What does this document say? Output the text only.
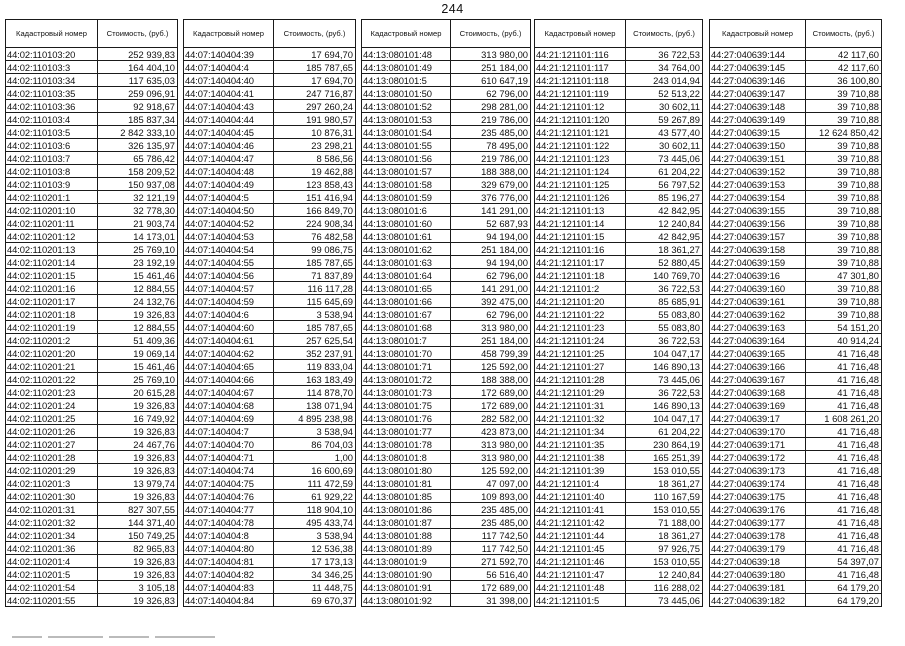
244
Кадастровый номер	Стоимость, (руб.)
44:02:110103:20	252 939,83
44:02:110103:3	164 404,10
44:02:110103:34	117 635,03
44:02:110103:35	259 096,91
44:02:110103:36	92 918,67
44:02:110103:4	185 837,34
44:02:110103:5	2 842 333,10
44:02:110103:6	326 135,97
44:02:110103:7	65 786,42
44:02:110103:8	158 209,52
44:02:110103:9	150 937,08
44:02:110201:1	32 121,19
44:02:110201:10	32 778,30
44:02:110201:11	21 903,74
44:02:110201:12	14 173,01
44:02:110201:13	25 769,10
44:02:110201:14	23 192,19
44:02:110201:15	15 461,46
44:02:110201:16	12 884,55
44:02:110201:17	24 132,76
44:02:110201:18	19 326,83
44:02:110201:19	12 884,55
44:02:110201:2	51 409,36
44:02:110201:20	19 069,14
44:02:110201:21	15 461,46
44:02:110201:22	25 769,10
44:02:110201:23	20 615,28
44:02:110201:24	19 326,83
44:02:110201:25	16 749,92
44:02:110201:26	19 326,83
44:02:110201:27	24 467,76
44:02:110201:28	19 326,83
44:02:110201:29	19 326,83
44:02:110201:3	13 979,74
44:02:110201:30	19 326,83
44:02:110201:31	827 307,55
44:02:110201:32	144 371,40
44:02:110201:34	150 749,25
44:02:110201:36	82 965,83
44:02:110201:4	19 326,83
44:02:110201:5	19 326,83
44:02:110201:54	3 105,18
44:02:110201:55	19 326,83
Кадастровый номер	Стоимость, (руб.)
44:07:140404:39	17 694,70
44:07:140404:4	185 787,65
44:07:140404:40	17 694,70
44:07:140404:41	247 716,87
44:07:140404:43	297 260,24
44:07:140404:44	191 980,57
44:07:140404:45	10 876,31
44:07:140404:46	23 298,21
44:07:140404:47	8 586,56
44:07:140404:48	19 462,88
44:07:140404:49	123 858,43
44:07:140404:5	151 416,94
44:07:140404:50	166 849,70
44:07:140404:52	224 908,34
44:07:140404:53	76 482,58
44:07:140404:54	99 086,75
44:07:140404:55	185 787,65
44:07:140404:56	71 837,89
44:07:140404:57	116 117,28
44:07:140404:59	115 645,69
44:07:140404:6	3 538,94
44:07:140404:60	185 787,65
44:07:140404:61	257 625,54
44:07:140404:62	352 237,91
44:07:140404:65	119 833,04
44:07:140404:66	163 183,49
44:07:140404:67	114 878,70
44:07:140404:68	138 071,94
44:07:140404:69	4 895 238,98
44:07:140404:7	3 538,94
44:07:140404:70	86 704,03
44:07:140404:71	1,00
44:07:140404:74	16 600,69
44:07:140404:75	111 472,59
44:07:140404:76	61 929,22
44:07:140404:77	118 904,10
44:07:140404:78	495 433,74
44:07:140404:8	3 538,94
44:07:140404:80	12 536,38
44:07:140404:81	17 173,13
44:07:140404:82	34 346,25
44:07:140404:83	11 448,75
44:07:140404:84	69 670,37
Кадастровый номер	Стоимость, (руб.)
44:13:080101:48	313 980,00
44:13:080101:49	251 184,00
44:13:080101:5	610 647,19
44:13:080101:50	62 796,00
44:13:080101:52	298 281,00
44:13:080101:53	219 786,00
44:13:080101:54	235 485,00
44:13:080101:55	78 495,00
44:13:080101:56	219 786,00
44:13:080101:57	188 388,00
44:13:080101:58	329 679,00
44:13:080101:59	376 776,00
44:13:080101:6	141 291,00
44:13:080101:60	52 687,93
44:13:080101:61	94 194,00
44:13:080101:62	251 184,00
44:13:080101:63	94 194,00
44:13:080101:64	62 796,00
44:13:080101:65	141 291,00
44:13:080101:66	392 475,00
44:13:080101:67	62 796,00
44:13:080101:68	313 980,00
44:13:080101:7	251 184,00
44:13:080101:70	458 799,39
44:13:080101:71	125 592,00
44:13:080101:72	188 388,00
44:13:080101:73	172 689,00
44:13:080101:75	172 689,00
44:13:080101:76	282 582,00
44:13:080101:77	423 873,00
44:13:080101:78	313 980,00
44:13:080101:8	313 980,00
44:13:080101:80	125 592,00
44:13:080101:81	47 097,00
44:13:080101:85	109 893,00
44:13:080101:86	235 485,00
44:13:080101:87	235 485,00
44:13:080101:88	117 742,50
44:13:080101:89	117 742,50
44:13:080101:9	271 592,70
44:13:080101:90	56 516,40
44:13:080101:91	172 689,00
44:13:080101:92	31 398,00
Кадастровый номер	Стоимость, (руб.)
44:21:121101:116	36 722,53
44:21:121101:117	34 764,00
44:21:121101:118	243 014,94
44:21:121101:119	52 513,22
44:21:121101:12	30 602,11
44:21:121101:120	59 267,89
44:21:121101:121	43 577,40
44:21:121101:122	30 602,11
44:21:121101:123	73 445,06
44:21:121101:124	61 204,22
44:21:121101:125	56 797,52
44:21:121101:126	85 196,27
44:21:121101:13	42 842,95
44:21:121101:14	12 240,84
44:21:121101:15	42 842,95
44:21:121101:16	18 361,27
44:21:121101:17	52 880,45
44:21:121101:18	140 769,70
44:21:121101:2	36 722,53
44:21:121101:20	85 685,91
44:21:121101:22	55 083,80
44:21:121101:23	55 083,80
44:21:121101:24	36 722,53
44:21:121101:25	104 047,17
44:21:121101:27	146 890,13
44:21:121101:28	73 445,06
44:21:121101:29	36 722,53
44:21:121101:31	146 890,13
44:21:121101:32	104 047,17
44:21:121101:34	61 204,22
44:21:121101:35	230 864,19
44:21:121101:38	165 251,39
44:21:121101:39	153 010,55
44:21:121101:4	18 361,27
44:21:121101:40	110 167,59
44:21:121101:41	153 010,55
44:21:121101:42	71 188,00
44:21:121101:44	18 361,27
44:21:121101:45	97 926,75
44:21:121101:46	153 010,55
44:21:121101:47	12 240,84
44:21:121101:48	116 288,02
44:21:121101:5	73 445,06
Кадастровый номер	Стоимость, (руб.)
44:27:040639:144	42 117,60
44:27:040639:145	42 117,60
44:27:040639:146	36 100,80
44:27:040639:147	39 710,88
44:27:040639:148	39 710,88
44:27:040639:149	39 710,88
44:27:040639:15	12 624 850,42
44:27:040639:150	39 710,88
44:27:040639:151	39 710,88
44:27:040639:152	39 710,88
44:27:040639:153	39 710,88
44:27:040639:154	39 710,88
44:27:040639:155	39 710,88
44:27:040639:156	39 710,88
44:27:040639:157	39 710,88
44:27:040639:158	39 710,88
44:27:040639:159	39 710,88
44:27:040639:16	47 301,80
44:27:040639:160	39 710,88
44:27:040639:161	39 710,88
44:27:040639:162	39 710,88
44:27:040639:163	54 151,20
44:27:040639:164	40 914,24
44:27:040639:165	41 716,48
44:27:040639:166	41 716,48
44:27:040639:167	41 716,48
44:27:040639:168	41 716,48
44:27:040639:169	41 716,48
44:27:040639:17	1 608 261,20
44:27:040639:170	41 716,48
44:27:040639:171	41 716,48
44:27:040639:172	41 716,48
44:27:040639:173	41 716,48
44:27:040639:174	41 716,48
44:27:040639:175	41 716,48
44:27:040639:176	41 716,48
44:27:040639:177	41 716,48
44:27:040639:178	41 716,48
44:27:040639:179	41 716,48
44:27:040639:18	54 397,07
44:27:040639:180	41 716,48
44:27:040639:181	64 179,20
44:27:040639:182	64 179,20
